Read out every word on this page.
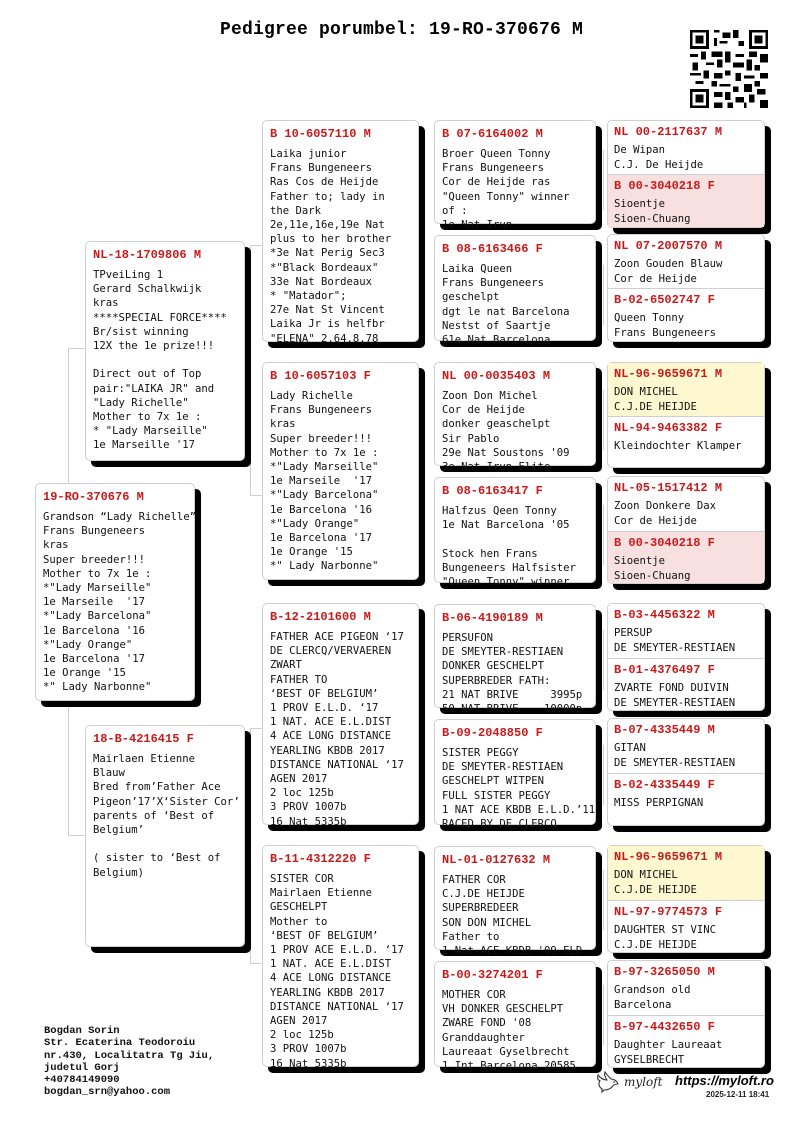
Pedigree porumbel: 19-RO-370676 M
19-RO-370676 M
Grandson “Lady Richelle”
Frans Bungeneers
kras
Super breeder!!!
Mother to 7x 1e :
*"Lady Marseille"
1e Marseile  '17
*"Lady Barcelona"
1e Barcelona '16
*"Lady Orange"
1e Barcelona '17
1e Orange '15
*" Lady Narbonne"
NL-18-1709806 M
TPveiLing 1
Gerard Schalkwijk
kras
****SPECIAL FORCE****
Br/sist winning
12X the 1e prize!!!

Direct out of Top
pair:"LAIKA JR" and
"Lady Richelle"
Mother to 7x 1e :
* "Lady Marseille"
1e Marseille '17
18-B-4216415 F
Mairlaen Etienne
Blauw
Bred from’Father Ace
Pigeon’17’X‘Sister Cor’
parents of ‘Best of
Belgium’

( sister to ‘Best of
Belgium)
B 10-6057110 M
Laika junior
Frans Bungeneers
Ras Cos de Heijde
Father to; lady in
the Dark
2e,11e,16e,19e Nat
plus to her brother
*3e Nat Perig Sec3
*"Black Bordeaux"
33e Nat Bordeaux
* "Matador";
27e Nat St Vincent
Laika Jr is helfbr
"ELENA" 2,64,8,78
B 10-6057103 F
Lady Richelle
Frans Bungeneers
kras
Super breeder!!!
Mother to 7x 1e :
*"Lady Marseille"
1e Marseile  '17
*"Lady Barcelona"
1e Barcelona '16
*"Lady Orange"
1e Barcelona '17
1e Orange '15
*" Lady Narbonne"
B-12-2101600 M
FATHER ACE PIGEON ‘17
DE CLERCQ/VERVAEREN
ZWART
FATHER TO
‘BEST OF BELGIUM’
1 PROV E.L.D. ‘17
1 NAT. ACE E.L.DIST
4 ACE LONG DISTANCE
YEARLING KBDB 2017
DISTANCE NATIONAL ‘17
AGEN 2017
2 loc 125b
3 PROV 1007b
16 Nat 5335b
B-11-4312220 F
SISTER COR
Mairlaen Etienne
GESCHELPT
Mother to
‘BEST OF BELGIUM’
1 PROV ACE E.L.D. ‘17
1 NAT. ACE E.L.DIST
4 ACE LONG DISTANCE
YEARLING KBDB 2017
DISTANCE NATIONAL ‘17
AGEN 2017
2 loc 125b
3 PROV 1007b
16 Nat 5335b
B 07-6164002 M
Broer Queen Tonny
Frans Bungeneers
Cor de Heijde ras
"Queen Tonny" winner
of :
1e Nat Irun
B 08-6163466 F
Laika Queen
Frans Bungeneers
geschelpt
dgt le nat Barcelona
Nestst of Saartje
61e Nat Barcelona
NL 00-0035403 M
Zoon Don Michel
Cor de Heijde
donker geaschelpt
Sir Pablo
29e Nat Soustons '09
3e Nat Irun Elite
B 08-6163417 F
Halfzus Qeen Tonny
1e Nat Barcelona '05

Stock hen Frans
Bungeneers Halfsister
"Queen Tonny" winner
B-06-4190189 M
PERSUFON
DE SMEYTER-RESTIAEN
DONKER GESCHELPT
SUPERBREDER FATH:
21 NAT BRIVE     3995p
50 NAT BRIVE    10000p
B-09-2048850 F
SISTER PEGGY
DE SMEYTER-RESTIAEN
GESCHELPT WITPEN
FULL SISTER PEGGY
1 NAT ACE KBDB E.L.D.’11
RACED BY DE CLERCQ
NL-01-0127632 M
FATHER COR
C.J.DE HEIJDE
SUPERBREDEER
SON DON MICHEL
Father to
1 Nat ACE KBDB '09 ELD
B-00-3274201 F
MOTHER COR
VH DONKER GESCHELPT
ZWARE FOND '08
Granddaughter
Laureaat Gyselbrecht
1 Int Barcelona 20585
NL 00-2117637 M
De Wipan
C.J. De Heijde
B 00-3040218 F
Sioentje
Sioen-Chuang
NL 07-2007570 M
Zoon Gouden Blauw
Cor de Heijde
B-02-6502747 F
Queen Tonny
Frans Bungeneers
NL-96-9659671 M
DON MICHEL
C.J.DE HEIJDE
NL-94-9463382 F
Kleindochter Klamper
NL-05-1517412 M
Zoon Donkere Dax
Cor de Heijde
B 00-3040218 F
Sioentje
Sioen-Chuang
B-03-4456322 M
PERSUP
DE SMEYTER-RESTIAEN
B-01-4376497 F
ZVARTE FOND DUIVIN
DE SMEYTER-RESTIAEN
B-07-4335449 M
GITAN
DE SMEYTER-RESTIAEN
B-02-4335449 F
MISS PERPIGNAN
NL-96-9659671 M
DON MICHEL
C.J.DE HEIJDE
NL-97-9774573 F
DAUGHTER ST VINC
C.J.DE HEIJDE
B-97-3265050 M
Grandson old
Barcelona
B-97-4432650 F
Daughter Laureaat
GYSELBRECHT
Bogdan Sorin
Str. Ecaterina Teodoroiu
nr.430, Localitatra Tg Jiu,
judetul Gorj
+40784149090
bogdan_srn@yahoo.com
myloft https://myloft.ro
2025-12-11 18:41
